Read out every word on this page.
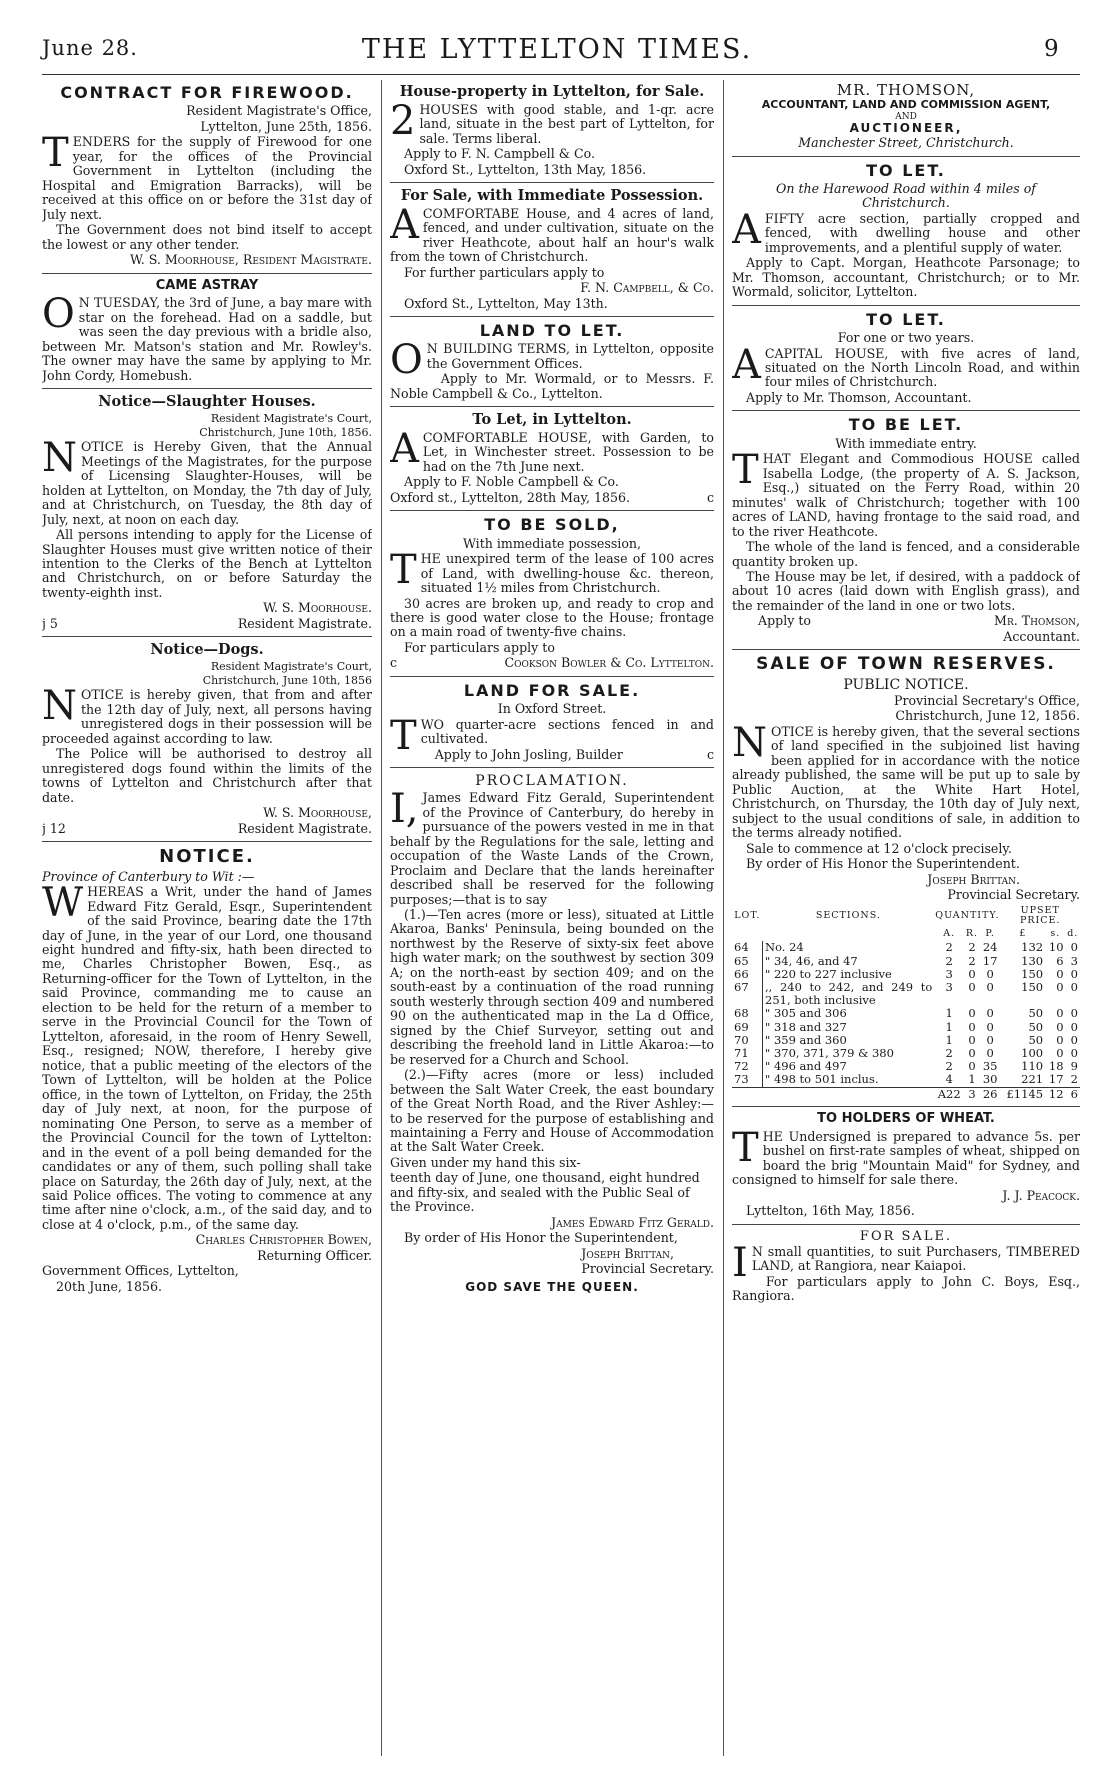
June 28.	THE LYTTELTON TIMES.	9
CONTRACT FOR FIREWOOD.

Resident Magistrate's Office,

Lyttelton, June 25th, 1856.

TENDERS for the supply of Firewood for one year, for the offices of the Provincial Government in Lyttelton (including the Hospital and Emigration Barracks), will be received at this office on or before the 31st day of July next.

The Government does not bind itself to accept the lowest or any other tender.

W. S. Moorhouse, Resident Magistrate.

CAME ASTRAY

O N TUESDAY, the 3rd of June, a bay mare with star on the forehead. Had on a saddle, but was seen the day previous with a bridle also, between Mr. Matson's station and Mr. Rowley's. The owner may have the same by applying to Mr. John Cordy, Homebush.

Notice—Slaughter Houses.

Resident Magistrate's Court,

Christchurch, June 10th, 1856.

NOTICE is Hereby Given, that the Annual Meetings of the Magistrates, for the purpose of Licensing Slaughter-Houses, will be holden at Lyttelton, on Monday, the 7th day of July, and at Christchurch, on Tuesday, the 8th day of July, next, at noon on each day.

All persons intending to apply for the License of Slaughter Houses must give written notice of their intention to the Clerks of the Bench at Lyttelton and Christchurch, on or before Saturday the twenty-eighth inst.

W. S. Moorhouse.

j 5	Resident Magistrate.

Notice—Dogs.

Resident Magistrate's Court,

Christchurch, June 10th, 1856

NOTICE is hereby given, that from and after the 12th day of July, next, all persons having unregistered dogs in their possession will be proceeded against according to law.

The Police will be authorised to destroy all unregistered dogs found within the limits of the towns of Lyttelton and Christchurch after that date.

W. S. Moorhouse,

j 12	Resident Magistrate.

NOTICE.

Province of Canterbury to Wit :—

WHEREAS a Writ, under the hand of James Edward Fitz Gerald, Esqr., Superintendent of the said Province, bearing date the 17th day of June, in the year of our Lord, one thousand eight hundred and fifty-six, hath been directed to me, Charles Christopher Bowen, Esq., as Returning-officer for the Town of Lyttelton, in the said Province, commanding me to cause an election to be held for the return of a member to serve in the Provincial Council for the Town of Lyttelton, aforesaid, in the room of Henry Sewell, Esq., resigned; NOW, therefore, I hereby give notice, that a public meeting of the electors of the Town of Lyttelton, will be holden at the Police office, in the town of Lyttelton, on Friday, the 25th day of July next, at noon, for the purpose of nominating One Person, to serve as a member of the Provincial Council for the town of Lyttelton: and in the event of a poll being demanded for the candidates or any of them, such polling shall take place on Saturday, the 26th day of July, next, at the said Police offices. The voting to commence at any time after nine o'clock, a.m., of the said day, and to close at 4 o'clock, p.m., of the same day.

Charles Christopher Bowen,

Returning Officer.

Government Offices, Lyttelton,

20th June, 1856.

House-property in Lyttelton, for Sale.

2 HOUSES with good stable, and 1-qr. acre land, situate in the best part of Lyttelton, for sale. Terms liberal.

Apply to F. N. Campbell & Co.

Oxford St., Lyttelton, 13th May, 1856.

For Sale, with Immediate Possession.

ACOMFORTABE House, and 4 acres of land, fenced, and under cultivation, situate on the river Heathcote, about half an hour's walk from the town of Christchurch.

For further particulars apply to

F. N. Campbell, & Co.

Oxford St., Lyttelton, May 13th.

LAND TO LET.

O N BUILDING TERMS, in Lyttelton, opposite the Government Offices.

Apply to Mr. Wormald, or to Messrs. F. Noble Campbell & Co., Lyttelton.

To Let, in Lyttelton.

ACOMFORTABLE HOUSE, with Garden, to Let, in Winchester street. Possession to be had on the 7th June next.

Apply to F. Noble Campbell & Co.

Oxford st., Lyttelton, 28th May, 1856.	c

TO BE SOLD,

With immediate possession,

THE unexpired term of the lease of 100 acres of Land, with dwelling-house &c. thereon, situated 1½ miles from Christchurch.

30 acres are broken up, and ready to crop and there is good water close to the House; frontage on a main road of twenty-five chains.

For particulars apply to

c	Cookson Bowler & Co. Lyttelton.

LAND FOR SALE.

In Oxford Street.

TWO quarter-acre sections fenced in and cultivated.

Apply to John Josling, Builder	c

PROCLAMATION.

I, James Edward Fitz Gerald, Superintendent of the Province of Canterbury, do hereby in pursuance of the powers vested in me in that behalf by the Regulations for the sale, letting and occupation of the Waste Lands of the Crown, Proclaim and Declare that the lands hereinafter described shall be reserved for the following purposes;—that is to say

(1.)—Ten acres (more or less), situated at Little Akaroa, Banks' Peninsula, being bounded on the northwest by the Reserve of sixty-six feet above high water mark; on the southwest by section 309 A; on the north-east by section 409; and on the south-east by a continuation of the road running south westerly through section 409 and numbered 90 on the authenticated map in the La d Office, signed by the Chief Surveyor, setting out and describing the freehold land in Little Akaroa:—to be reserved for a Church and School.

(2.)—Fifty acres (more or less) included between the Salt Water Creek, the east boundary of the Great North Road, and the River Ashley:—to be reserved for the purpose of establishing and maintaining a Ferry and House of Accommodation at the Salt Water Creek.

Given under my hand this six-

teenth day of June, one thousand, eight hundred and fifty-six, and sealed with the Public Seal of the Province.

James Edward Fitz Gerald.

By order of His Honor the Superintendent,

Joseph Brittan,

Provincial Secretary.

GOD SAVE THE QUEEN.
MR. THOMSON,
ACCOUNTANT, LAND AND COMMISSION AGENT,
AND
AUCTIONEER,
Manchester Street, Christchurch.
TO LET.

On the Harewood Road within 4 miles of Christchurch.

AFIFTY acre section, partially cropped and fenced, with dwelling house and other improvements, and a plentiful supply of water.

Apply to Capt. Morgan, Heathcote Parsonage; to Mr. Thomson, accountant, Christchurch; or to Mr. Wormald, solicitor, Lyttelton.

TO LET.

For one or two years.

ACAPITAL HOUSE, with five acres of land, situated on the North Lincoln Road, and within four miles of Christchurch.

Apply to Mr. Thomson, Accountant.

TO BE LET.

With immediate entry.

THAT Elegant and Commodious HOUSE called Isabella Lodge, (the property of A. S. Jackson, Esq.,) situated on the Ferry Road, within 20 minutes' walk of Christchurch; together with 100 acres of LAND, having frontage to the said road, and to the river Heathcote.

The whole of the land is fenced, and a considerable quantity broken up.

The House may be let, if desired, with a paddock of about 10 acres (laid down with English grass), and the remainder of the land in one or two lots.

Apply to	Mr. Thomson,

Accountant.

SALE OF TOWN RESERVES.

PUBLIC NOTICE.

Provincial Secretary's Office,

Christchurch, June 12, 1856.

NOTICE is hereby given, that the several sections of land specified in the subjoined list having been applied for in accordance with the notice already published, the same will be put up to sale by Public Auction, at the White Hart Hotel, Christchurch, on Thursday, the 10th day of July next, subject to the usual conditions of sale, in addition to the terms already notified.

Sale to commence at 12 o'clock precisely.

By order of His Honor the Superintendent.

Joseph Brittan.

Provincial Secretary.

LOT.	SECTIONS.	QUANTITY.			UPSET PRICE.		
		A.	R.	P.	£	s.	d.
64	No. 24	2	2	24	132	10	0
65	" 34, 46, and 47	2	2	17	130	6	3
66	" 220 to 227 inclusive	3	0	0	150	0	0
67	,, 240 to 242, and 249 to 251, both inclusive	3	0	0	150	0	0
68	" 305 and 306	1	0	0	50	0	0
69	" 318 and 327	1	0	0	50	0	0
70	" 359 and 360	1	0	0	50	0	0
71	" 370, 371, 379 & 380	2	0	0	100	0	0
72	" 496 and 497	2	0	35	110	18	9
73	" 498 to 501 inclus.	4	1	30	221	17	2
		A22	3	26	£1145	12	6
TO HOLDERS OF WHEAT.

THE Undersigned is prepared to advance 5s. per bushel on first-rate samples of wheat, shipped on board the brig "Mountain Maid" for Sydney, and consigned to himself for sale there.

J. J. Peacock.

Lyttelton, 16th May, 1856.

FOR SALE.

I N small quantities, to suit Purchasers, TIMBERED LAND, at Rangiora, near Kaiapoi.

For particulars apply to John C. Boys, Esq., Rangiora.
